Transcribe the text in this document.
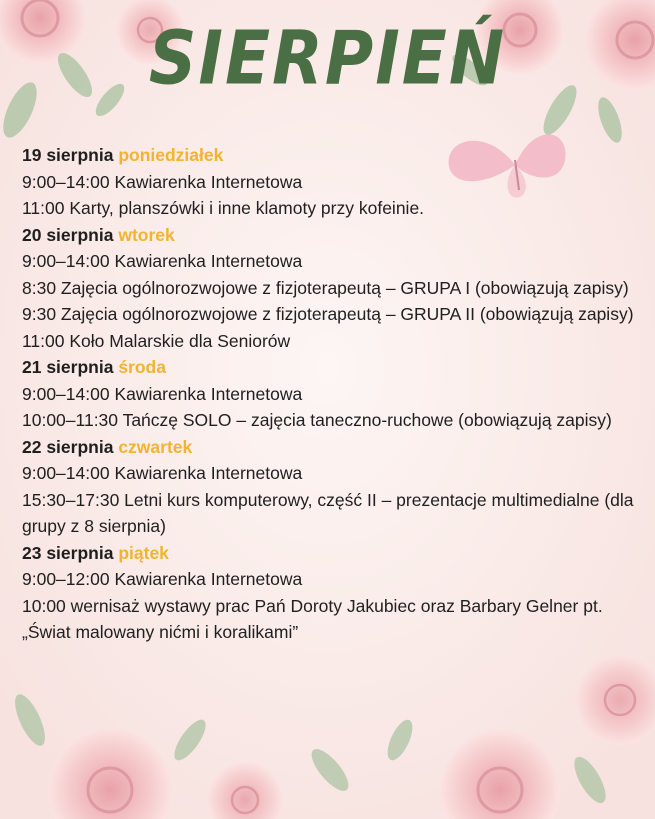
SIERPIEŃ
19 sierpnia poniedziałek
9:00–14:00 Kawiarenka Internetowa
11:00 Karty, planszówki i inne klamoty przy kofeinie.
20 sierpnia wtorek
9:00–14:00 Kawiarenka Internetowa
8:30 Zajęcia ogólnorozwojowe z fizjoterapeutą – GRUPA I (obowiązują zapisy)
9:30 Zajęcia ogólnorozwojowe z fizjoterapeutą – GRUPA II (obowiązują zapisy)
11:00 Koło Malarskie dla Seniorów
21 sierpnia środa
9:00–14:00 Kawiarenka Internetowa
10:00–11:30 Tańczę SOLO – zajęcia taneczno-ruchowe (obowiązują zapisy)
22 sierpnia czwartek
9:00–14:00 Kawiarenka Internetowa
15:30–17:30 Letni kurs komputerowy, część II – prezentacje multimedialne (dla grupy z 8 sierpnia)
23 sierpnia piątek
9:00–12:00 Kawiarenka Internetowa
10:00 wernisaż wystawy prac Pań Doroty Jakubiec oraz Barbary Gelner pt. „Świat malowany nićmi i koralikami”
